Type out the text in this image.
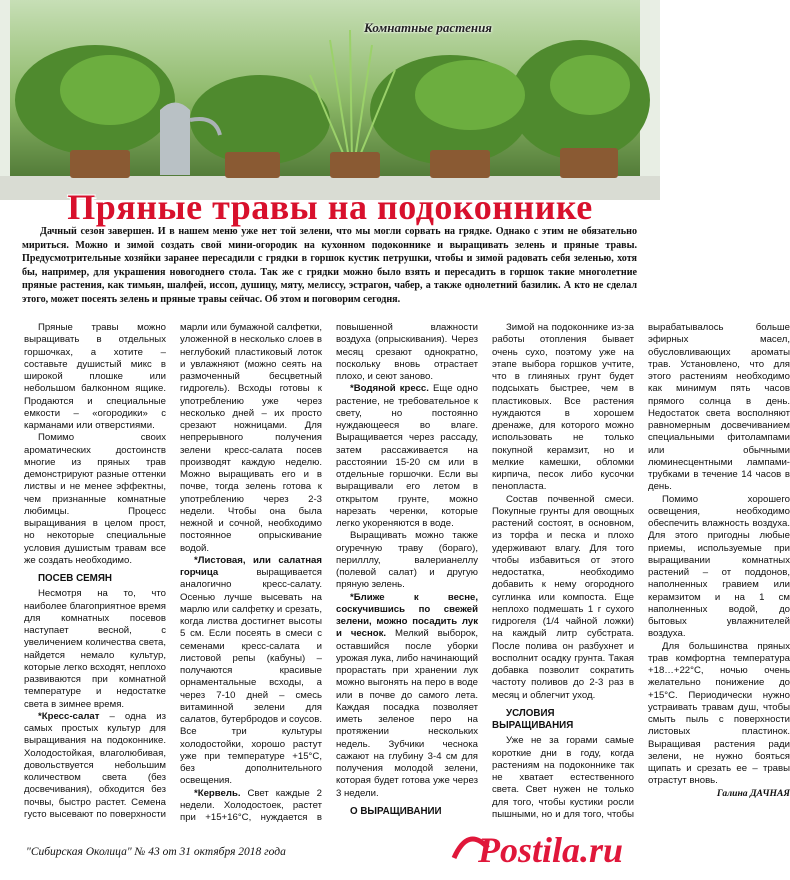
Комнатные растения
Пряные травы на подоконнике

Дачный сезон завершен. И в нашем меню уже нет той зелени, что мы могли сорвать на грядке. Однако с этим не обязательно мириться. Можно и зимой создать свой мини-огородик на кухонном подоконнике и выращивать зелень и пряные травы. Предусмотрительные хозяйки заранее пересадили с грядки в горшок кустик петрушки, чтобы и зимой радовать себя зеленью, хотя бы, например, для украшения новогоднего стола. Так же с грядки можно было взять и пересадить в горшок такие многолетние пряные растения, как тимьян, шалфей, иссоп, душицу, мяту, мелиссу, эстрагон, чабер, а также однолетний базилик. А кто не сделал этого, может посеять зелень и пряные травы сейчас. Об этом и поговорим сегодня.

Пряные травы можно выращивать в отдельных горшочках, а хотите – составьте душистый микс в широкой плошке или небольшом балконном ящике. Продаются и специальные емкости – «огородики» с карманами или отверстиями.

Помимо своих ароматических достоинств многие из пряных трав демонстрируют разные оттенки листвы и не менее эффектны, чем признанные комнатные любимцы. Процесс выращивания в целом прост, но некоторые специальные условия душистым травам все же создать необходимо.

ПОСЕВ СЕМЯН

Несмотря на то, что наиболее благоприятное время для комнатных посевов наступает весной, с увеличением количества света, найдется немало культур, которые легко всходят, неплохо развиваются при комнатной температуре и недостатке света в зимнее время.

*Кресс-салат – одна из самых простых культур для выращивания на подоконнике. Холодостойкая, влаголюбивая, довольствуется небольшим количеством света (без досвечивания), обходится без почвы, быстро растет. Семена густо высевают по поверхности марли или бумажной салфетки, уложенной в несколько слоев в неглубокий пластиковый лоток и увлажняют (можно сеять на размоченный бесцветный гидрогель). Всходы готовы к употреблению уже через несколько дней – их просто срезают ножницами. Для непрерывного получения зелени кресс-салата посев производят каждую неделю. Можно выращивать его и в почве, тогда зелень готова к употреблению через 2-3 недели. Чтобы она была нежной и сочной, необходимо постоянное опрыскивание водой.

*Листовая, или салатная горчица выращивается аналогично кресс-салату. Осенью лучше высевать на марлю или салфетку и срезать, когда листва достигнет высоты 5 см. Если посеять в смеси с семенами кресс-салата и листовой репы (кабуны) – получаются красивые орнаментальные всходы, а через 7-10 дней – смесь витаминной зелени для салатов, бутербродов и соусов. Все три культуры холодостойки, хорошо растут уже при температуре +15°С, без дополнительного освещения.

*Кервель. Свет каждые 2 недели. Холодостоек, растет при +15+16°С, нуждается в повышенной влажности воздуха (опрыскивания). Через месяц срезают однократно, поскольку вновь отрастает плохо, и сеют заново.

*Водяной кресс. Еще одно растение, не требовательное к свету, но постоянно нуждающееся во влаге. Выращивается через рассаду, затем рассаживается на расстоянии 15-20 см или в отдельные горшочки. Если вы выращивали его летом в открытом грунте, можно нарезать черенки, которые легко укореняются в воде.

Выращивать можно также огуречную траву (бораго), перилллу, валерианеллу (полевой салат) и другую пряную зелень.

*Ближе к весне, соскучившись по свежей зелени, можно посадить лук и чеснок. Мелкий выборок, оставшийся после уборки урожая лука, либо начинающий прорастать при хранении лук можно выгонять на перо в воде или в почве до самого лета. Каждая посадка позволяет иметь зеленое перо на протяжении нескольких недель. Зубчики чеснока сажают на глубину 3-4 см для получения молодой зелени, которая будет готова уже через 3 недели.

О ВЫРАЩИВАНИИ

Зимой на подоконнике из-за работы отопления бывает очень сухо, поэтому уже на этапе выбора горшков учтите, что в глиняных грунт будет подсыхать быстрее, чем в пластиковых. Все растения нуждаются в хорошем дренаже, для которого можно использовать не только покупной керамзит, но и мелкие камешки, обломки кирпича, песок либо кусочки пенопласта.

Состав почвенной смеси. Покупные грунты для овощных растений состоят, в основном, из торфа и песка и плохо удерживают влагу. Для того чтобы избавиться от этого недостатка, необходимо добавить к нему огородного суглинка или компоста. Еще неплохо подмешать 1 г сухого гидрогеля (1/4 чайной ложки) на каждый литр субстрата. После полива он разбухнет и восполнит осадку грунта. Такая добавка позволит сократить частоту поливов до 2-3 раз в месяц и облегчит уход.

УСЛОВИЯ ВЫРАЩИВАНИЯ

Уже не за горами самые короткие дни в году, когда растениям на подоконнике так не хватает естественного света. Свет нужен не только для того, чтобы кустики росли пышными, но и для того, чтобы вырабатывалось больше эфирных масел, обусловливающих ароматы трав. Установлено, что для этого растениям необходимо как минимум пять часов прямого солнца в день. Недостаток света восполняют равномерным досвечиванием специальными фитолампами или обычными люминесцентными лампами-трубками в течение 14 часов в день.

Помимо хорошего освещения, необходимо обеспечить влажность воздуха. Для этого пригодны любые приемы, используемые при выращивании комнатных растений – от поддонов, наполненных гравием или керамзитом и на 1 см наполненных водой, до бытовых увлажнителей воздуха.

Для большинства пряных трав комфортна температура +18…+22°С, ночью очень желательно понижение до +15°С. Периодически нужно устраивать травам душ, чтобы смыть пыль с поверхности листовых пластинок. Выращивая растения ради зелени, не нужно бояться щипать и срезать ее – травы отрастут вновь.

Галина ДАЧНАЯ

"Сибирская Околица" № 43 от 31 октября 2018 года	Postila.ru
